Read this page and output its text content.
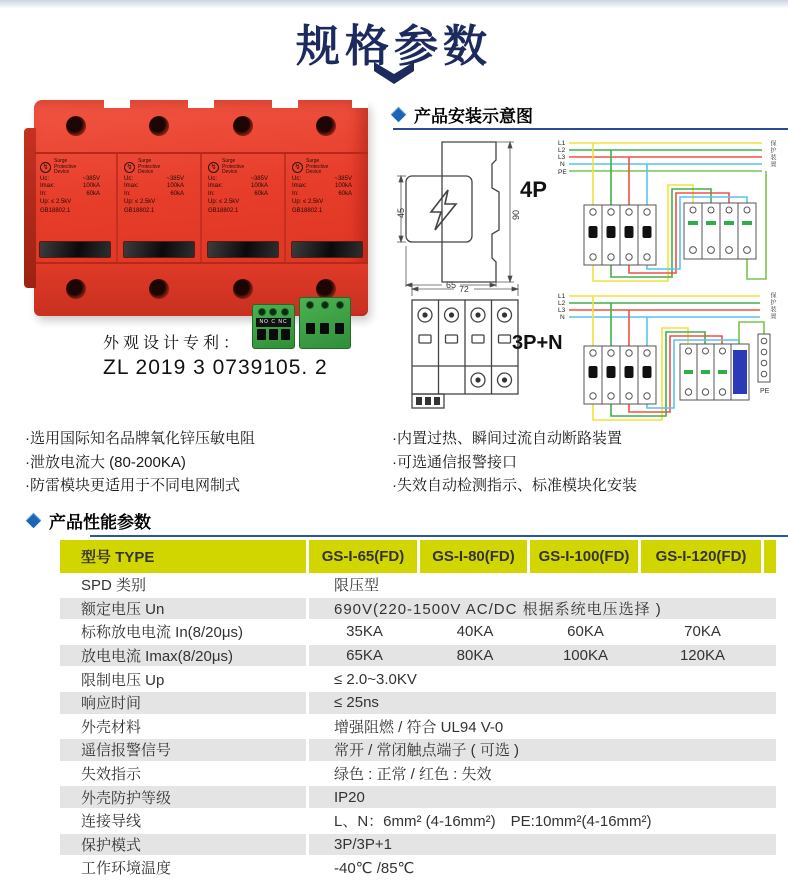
规格参数
↯
Surge Protective Device
Uc:	~385V
Imax:	100kA
In:	60kA
Up: ≤ 2.5kV
GB18802.1
↯
Surge Protective Device
Uc:	~385V
Imax:	100kA
In:	60kA
Up: ≤ 2.5kV
GB18802.1
↯
Surge Protective Device
Uc:	~385V
Imax:	100kA
In:	60kA
Up: ≤ 2.5kV
GB18802.1
↯
Surge Protective Device
Uc:	~385V
Imax:	100kA
In:	60kA
Up: ≤ 2.5kV
GB18802.1
NO C NC
外观设计专利：
ZL 2019 3 0739105. 2
产品安装示意图
45	90
65
4P
72
3P+N
L1
L2
L3
N
PE
保护装置
L1
L2
L3
N	保护装置
PE
·选用国际知名品牌氧化锌压敏电阻
·泄放电流大 (80-200KA)
·防雷模块更适用于不同电网制式
·内置过热、瞬间过流自动断路装置
·可选通信报警接口
·失效自动检测指示、标准模块化安装
产品性能参数
型号 TYPE	GS-I-65(FD)	GS-I-80(FD)	GS-I-100(FD)	GS-I-120(FD)
SPD 类别	限压型
额定电压 Un	690V(220-1500V AC/DC 根据系统电压选择 )
标称放电电流 In(8/20μs)	35KA	40KA	60KA	70KA
放电电流 Imax(8/20μs)	65KA	80KA	100KA	120KA
限制电压 Up	≤ 2.0~3.0KV
响应时间	≤ 25ns
外壳材料	增强阻燃 / 符合 UL94 V-0
遥信报警信号	常开 / 常闭触点端子 ( 可选 )
失效指示	绿色 : 正常 / 红色 : 失效
外壳防护等级	IP20
连接导线	L、N：6mm² (4-16mm²)　PE:10mm²(4-16mm²)
保护模式	3P/3P+1
工作环境温度	-40℃ /85℃
